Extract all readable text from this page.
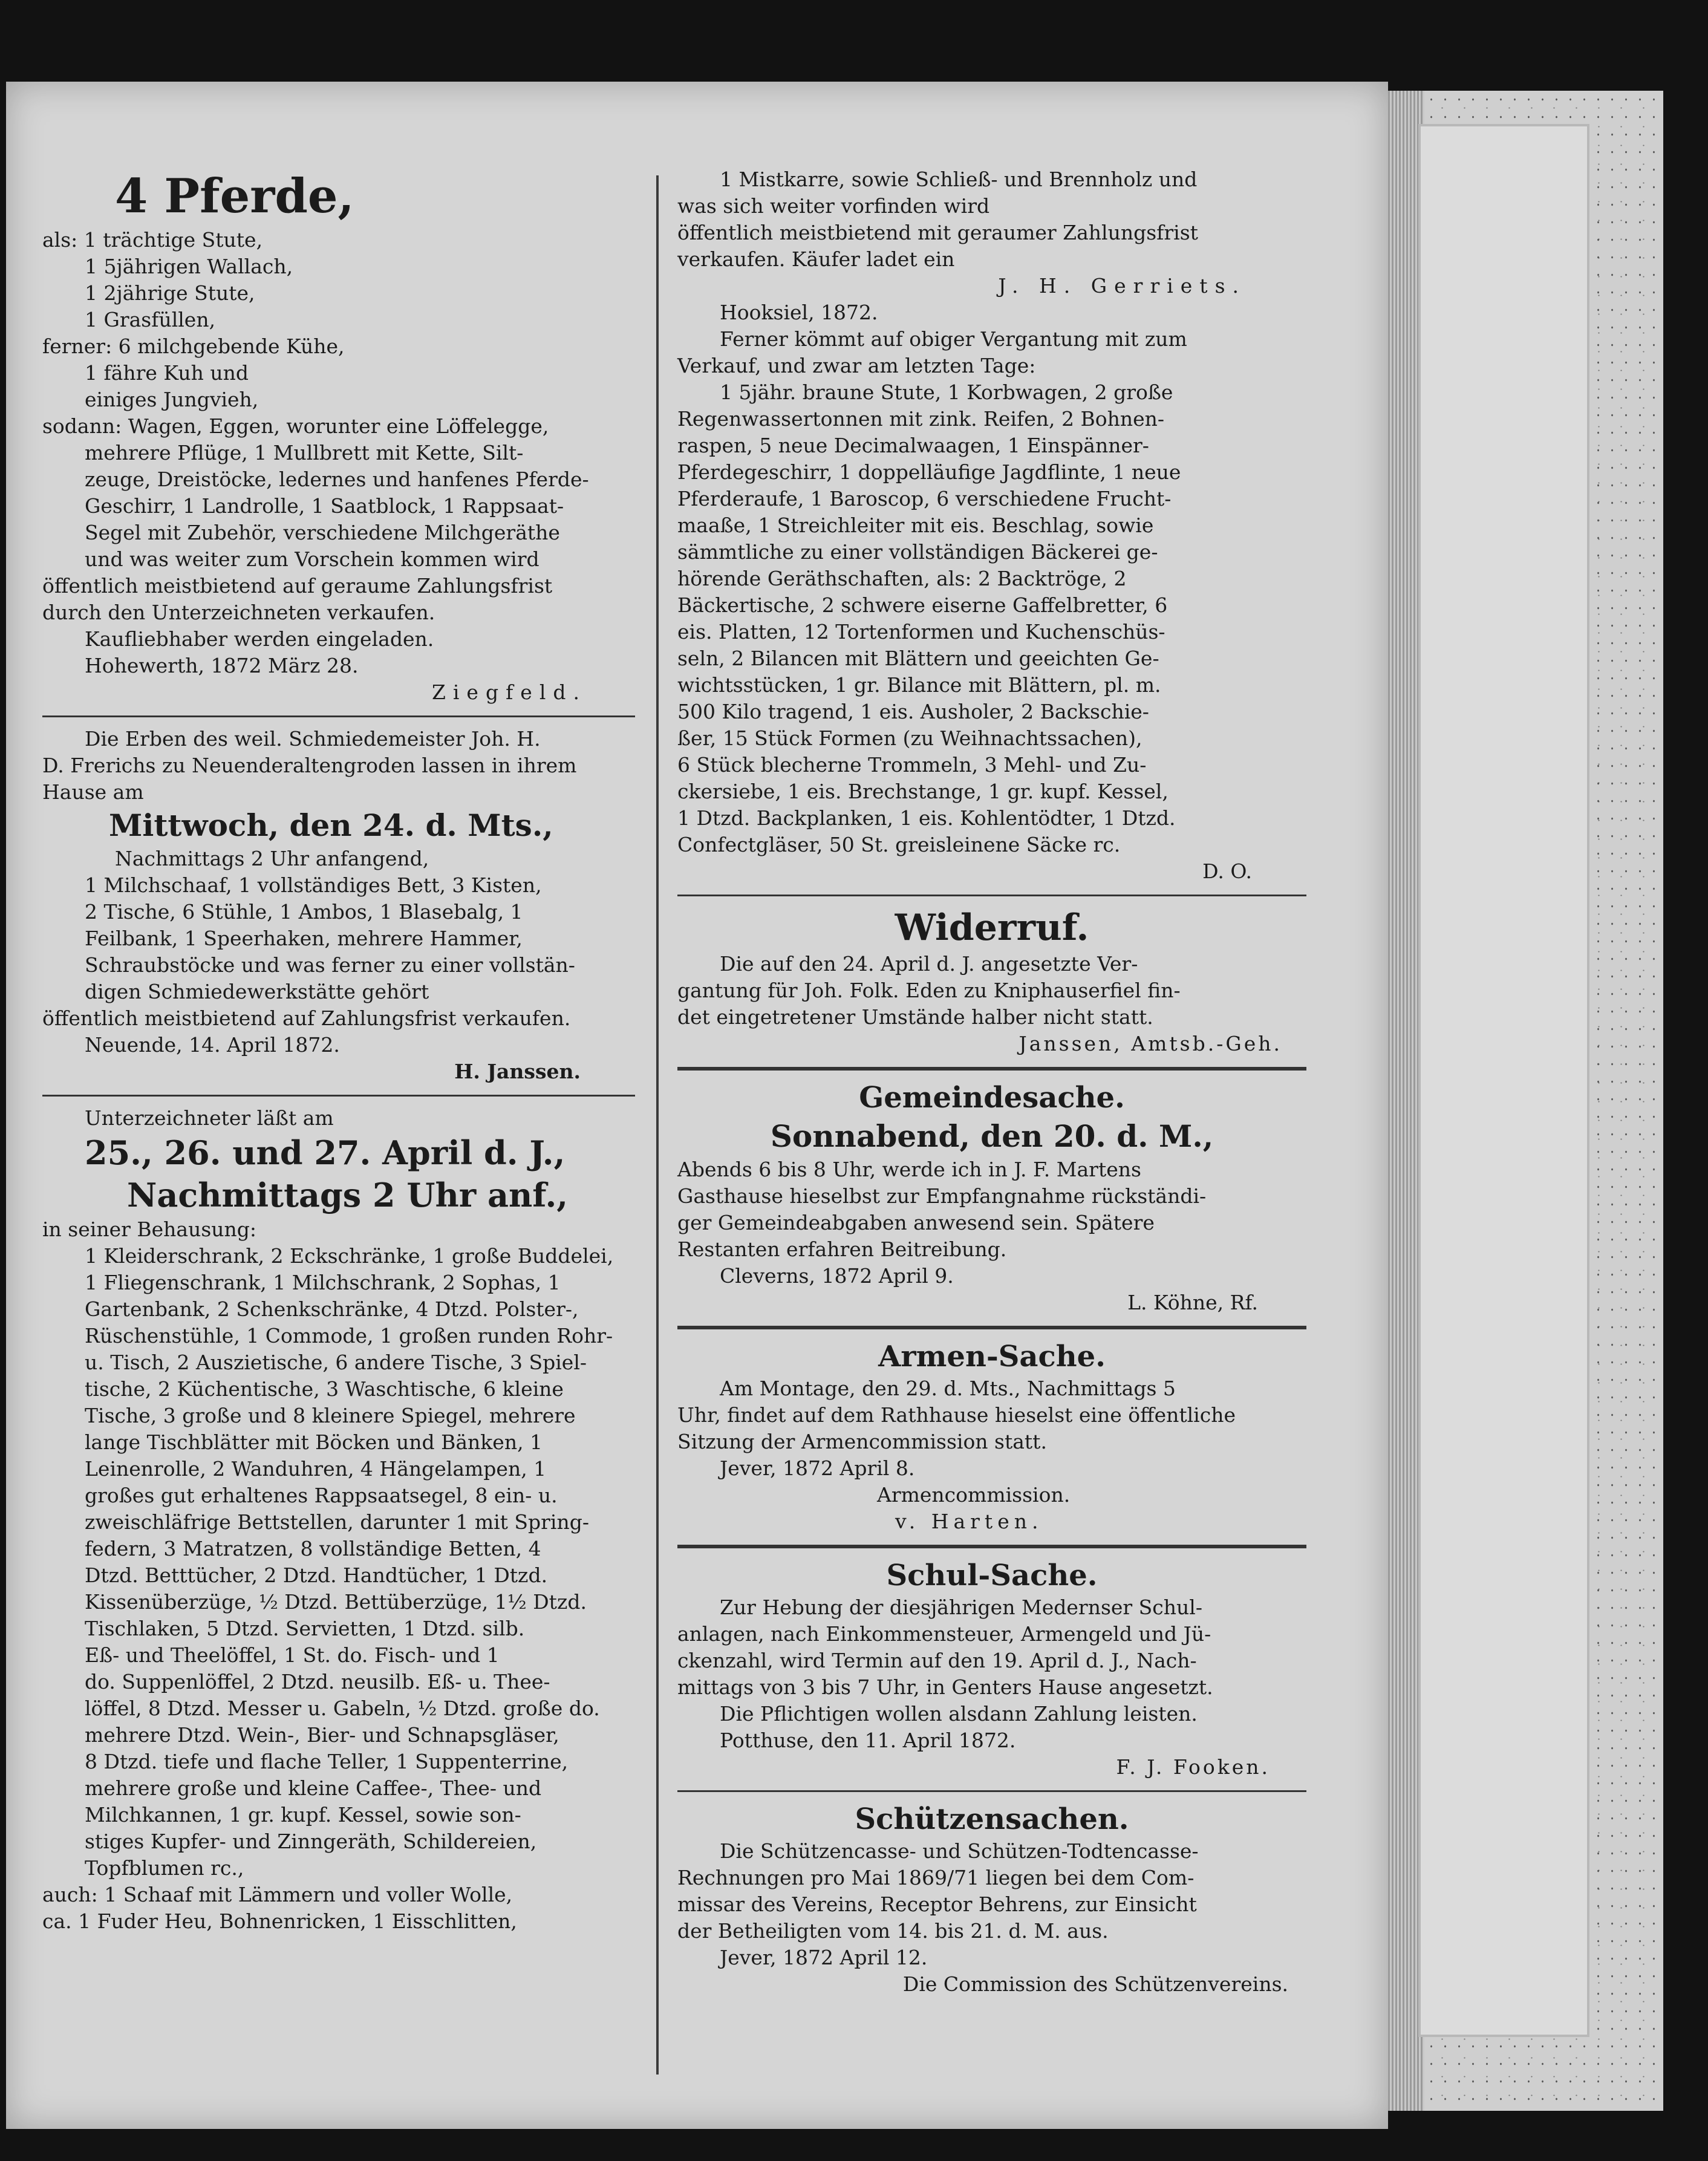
4 Pferde,
als: 1 trächtige Stute,
1 5jährigen Wallach,
1 2jährige Stute,
1 Grasfüllen,
ferner: 6 milchgebende Kühe,
1 fähre Kuh und
einiges Jungvieh,
sodann: Wagen, Eggen, worunter eine Löffelegge,
mehrere Pflüge, 1 Mullbrett mit Kette, Silt-
zeuge, Dreistöcke, ledernes und hanfenes Pferde-
Geschirr, 1 Landrolle, 1 Saatblock, 1 Rappsaat-
Segel mit Zubehör, verschiedene Milchgeräthe
und was weiter zum Vorschein kommen wird
öffentlich meistbietend auf geraume Zahlungsfrist
durch den Unterzeichneten verkaufen.
Kaufliebhaber werden eingeladen.
Hohewerth, 1872 März 28.
Ziegfeld.
Die Erben des weil. Schmiedemeister Joh. H.
D. Frerichs zu Neuenderaltengroden lassen in ihrem
Hause am
Mittwoch, den 24. d. Mts.,
Nachmittags 2 Uhr anfangend,
1 Milchschaaf, 1 vollständiges Bett, 3 Kisten,
2 Tische, 6 Stühle, 1 Ambos, 1 Blasebalg, 1
Feilbank, 1 Speerhaken, mehrere Hammer,
Schraubstöcke und was ferner zu einer vollstän-
digen Schmiedewerkstätte gehört
öffentlich meistbietend auf Zahlungsfrist verkaufen.
Neuende, 14. April 1872.
H. Janssen.
Unterzeichneter läßt am
25., 26. und 27. April d. J.,
Nachmittags 2 Uhr anf.,
in seiner Behausung:
1 Kleiderschrank, 2 Eckschränke, 1 große Buddelei,
1 Fliegenschrank, 1 Milchschrank, 2 Sophas, 1
Gartenbank, 2 Schenkschränke, 4 Dtzd. Polster-,
Rüschenstühle, 1 Commode, 1 großen runden Rohr-
u. Tisch, 2 Auszietische, 6 andere Tische, 3 Spiel-
tische, 2 Küchentische, 3 Waschtische, 6 kleine
Tische, 3 große und 8 kleinere Spiegel, mehrere
lange Tischblätter mit Böcken und Bänken, 1
Leinenrolle, 2 Wanduhren, 4 Hängelampen, 1
großes gut erhaltenes Rappsaatsegel, 8 ein- u.
zweischläfrige Bettstellen, darunter 1 mit Spring-
federn, 3 Matratzen, 8 vollständige Betten, 4
Dtzd. Betttücher, 2 Dtzd. Handtücher, 1 Dtzd.
Kissenüberzüge, ½ Dtzd. Bettüberzüge, 1½ Dtzd.
Tischlaken, 5 Dtzd. Servietten, 1 Dtzd. silb.
Eß- und Theelöffel, 1 St. do. Fisch- und 1
do. Suppenlöffel, 2 Dtzd. neusilb. Eß- u. Thee-
löffel, 8 Dtzd. Messer u. Gabeln, ½ Dtzd. große do.
mehrere Dtzd. Wein-, Bier- und Schnapsgläser,
8 Dtzd. tiefe und flache Teller, 1 Suppenterrine,
mehrere große und kleine Caffee-, Thee- und
Milchkannen, 1 gr. kupf. Kessel, sowie son-
stiges Kupfer- und Zinngeräth, Schildereien,
Topfblumen rc.,
auch: 1 Schaaf mit Lämmern und voller Wolle,
ca. 1 Fuder Heu, Bohnenricken, 1 Eisschlitten,
1 Mistkarre, sowie Schließ- und Brennholz und
was sich weiter vorfinden wird
öffentlich meistbietend mit geraumer Zahlungsfrist
verkaufen. Käufer ladet ein
J. H. Gerriets.
Hooksiel, 1872.
Ferner kömmt auf obiger Vergantung mit zum
Verkauf, und zwar am letzten Tage:
1 5jähr. braune Stute, 1 Korbwagen, 2 große
Regenwassertonnen mit zink. Reifen, 2 Bohnen-
raspen, 5 neue Decimalwaagen, 1 Einspänner-
Pferdegeschirr, 1 doppelläufige Jagdflinte, 1 neue
Pferderaufe, 1 Baroscop, 6 verschiedene Frucht-
maaße, 1 Streichleiter mit eis. Beschlag, sowie
sämmtliche zu einer vollständigen Bäckerei ge-
hörende Geräthschaften, als: 2 Backtröge, 2
Bäckertische, 2 schwere eiserne Gaffelbretter, 6
eis. Platten, 12 Tortenformen und Kuchenschüs-
seln, 2 Bilancen mit Blättern und geeichten Ge-
wichtsstücken, 1 gr. Bilance mit Blättern, pl. m.
500 Kilo tragend, 1 eis. Ausholer, 2 Backschie-
ßer, 15 Stück Formen (zu Weihnachtssachen),
6 Stück blecherne Trommeln, 3 Mehl- und Zu-
ckersiebe, 1 eis. Brechstange, 1 gr. kupf. Kessel,
1 Dtzd. Backplanken, 1 eis. Kohlentödter, 1 Dtzd.
Confectgläser, 50 St. greisleinene Säcke rc.
D. O.
Widerruf.
Die auf den 24. April d. J. angesetzte Ver-
gantung für Joh. Folk. Eden zu Kniphauserfiel fin-
det eingetretener Umstände halber nicht statt.
Janssen, Amtsb.-Geh.
Gemeindesache.
Sonnabend, den 20. d. M.,
Abends 6 bis 8 Uhr, werde ich in J. F. Martens
Gasthause hieselbst zur Empfangnahme rückständi-
ger Gemeindeabgaben anwesend sein. Spätere
Restanten erfahren Beitreibung.
Cleverns, 1872 April 9.
L. Köhne, Rf.
Armen-Sache.
Am Montage, den 29. d. Mts., Nachmittags 5
Uhr, findet auf dem Rathhause hieselst eine öffentliche
Sitzung der Armencommission statt.
Jever, 1872 April 8.
Armencommission.
v. Harten.
Schul-Sache.
Zur Hebung der diesjährigen Medernser Schul-
anlagen, nach Einkommensteuer, Armengeld und Jü-
ckenzahl, wird Termin auf den 19. April d. J., Nach-
mittags von 3 bis 7 Uhr, in Genters Hause angesetzt.
Die Pflichtigen wollen alsdann Zahlung leisten.
Potthuse, den 11. April 1872.
F. J. Fooken.
Schützensachen.
Die Schützencasse- und Schützen-Todtencasse-
Rechnungen pro Mai 1869/71 liegen bei dem Com-
missar des Vereins, Receptor Behrens, zur Einsicht
der Betheiligten vom 14. bis 21. d. M. aus.
Jever, 1872 April 12.
Die Commission des Schützenvereins.
